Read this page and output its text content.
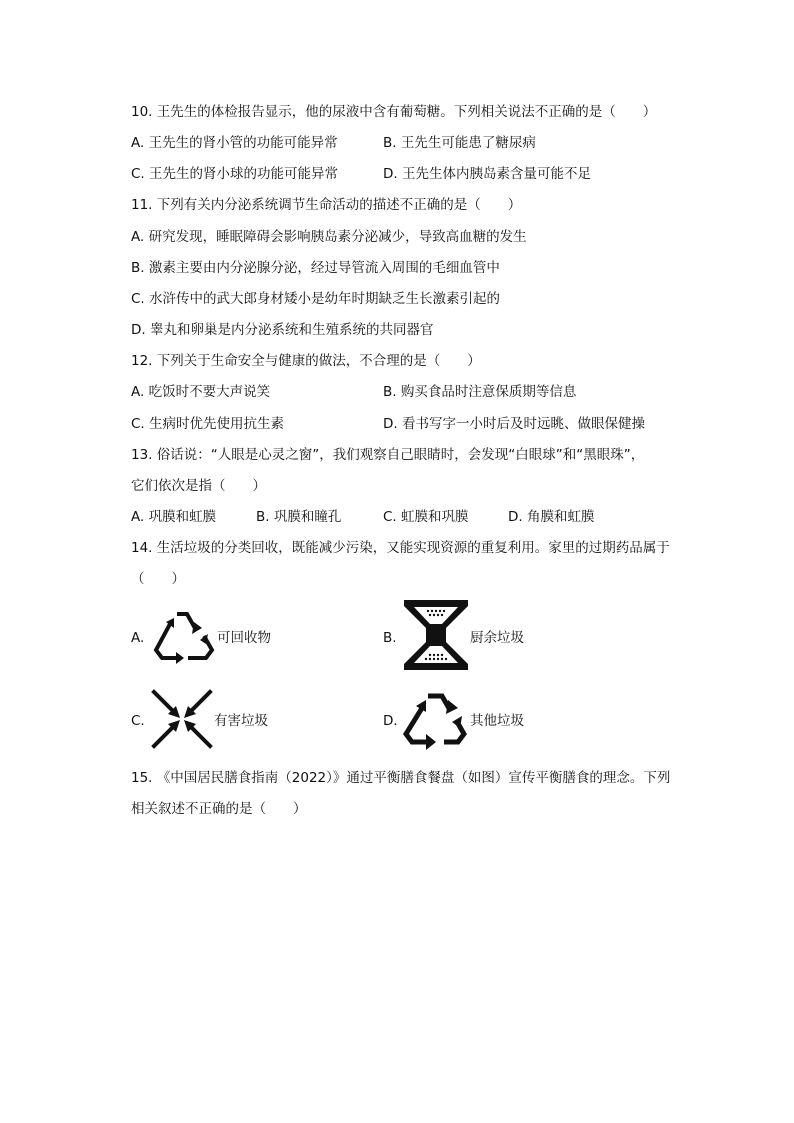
10. 王先生的体检报告显示，他的尿液中含有葡萄糖。下列相关说法不正确的是（　　）
A. 王先生的肾小管的功能可能异常	B. 王先生可能患了糖尿病
C. 王先生的肾小球的功能可能异常	D. 王先生体内胰岛素含量可能不足
11. 下列有关内分泌系统调节生命活动的描述不正确的是（　　）
A. 研究发现，睡眠障碍会影响胰岛素分泌减少，导致高血糖的发生
B. 激素主要由内分泌腺分泌，经过导管流入周围的毛细血管中
C. 水浒传中的武大郎身材矮小是幼年时期缺乏生长激素引起的
D. 睾丸和卵巢是内分泌系统和生殖系统的共同器官
12. 下列关于生命安全与健康的做法，不合理的是（　　）
A. 吃饭时不要大声说笑	B. 购买食品时注意保质期等信息
C. 生病时优先使用抗生素	D. 看书写字一小时后及时远眺、做眼保健操
13. 俗话说：“人眼是心灵之窗”，我们观察自己眼睛时，会发现“白眼球”和“黑眼珠”，
它们依次是指（　　）
A. 巩膜和虹膜	B. 巩膜和瞳孔	C. 虹膜和巩膜	D. 角膜和虹膜
14. 生活垃圾的分类回收，既能减少污染，又能实现资源的重复利用。家里的过期药品属于
（　　）
A.	可回收物	B.	厨余垃圾
C.	有害垃圾	D.	其他垃圾
15. 《中国居民膳食指南（2022）》通过平衡膳食餐盘（如图）宣传平衡膳食的理念。下列
相关叙述不正确的是（　　）
